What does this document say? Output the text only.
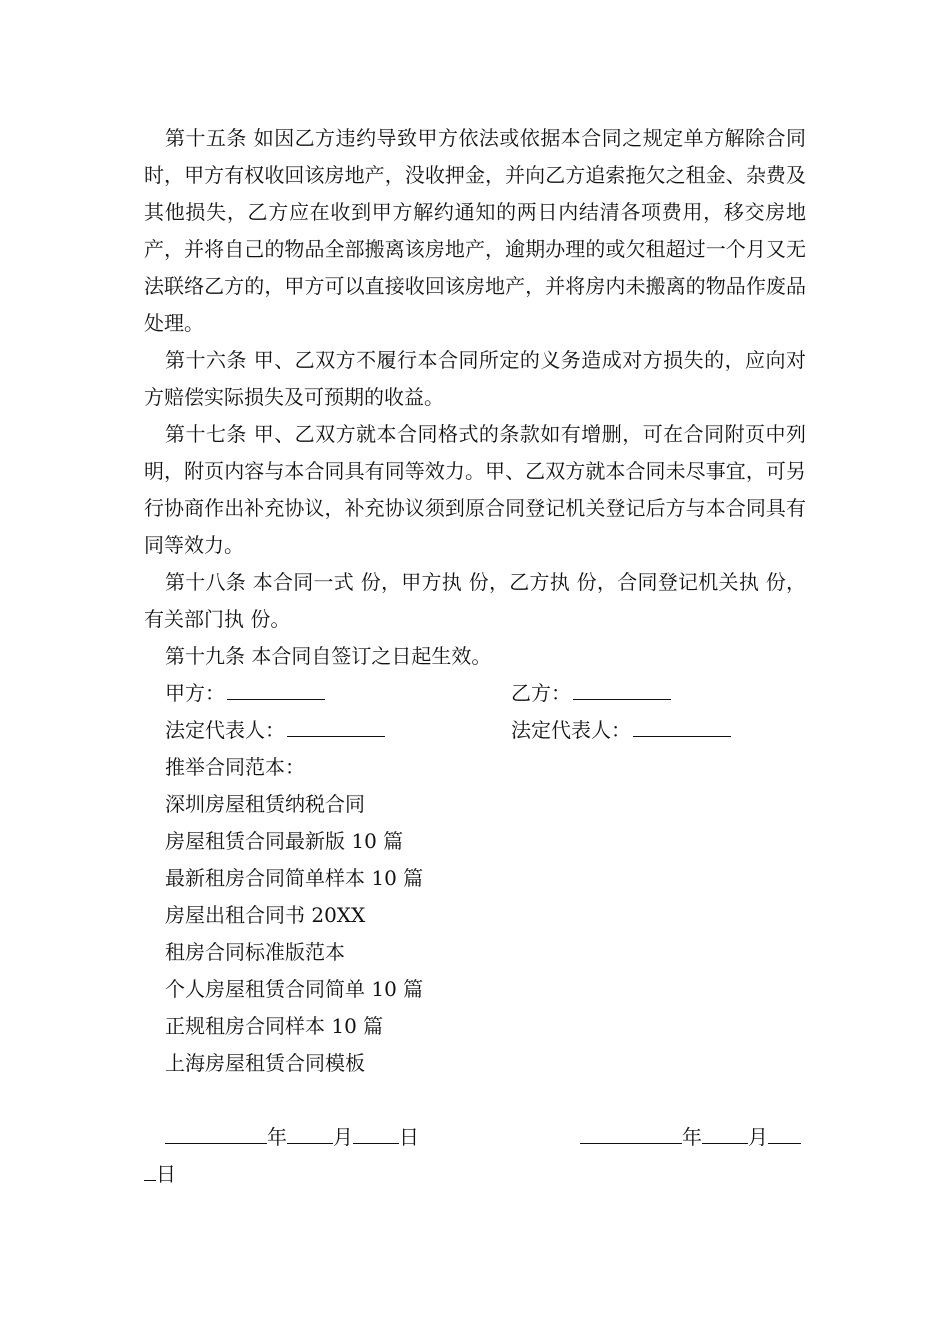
第十五条 如因乙方违约导致甲方依法或依据本合同之规定单方解除合同时，甲方有权收回该房地产，没收押金，并向乙方追索拖欠之租金、杂费及其他损失，乙方应在收到甲方解约通知的两日内结清各项费用，移交房地产，并将自己的物品全部搬离该房地产，逾期办理的或欠租超过一个月又无法联络乙方的，甲方可以直接收回该房地产，并将房内未搬离的物品作废品处理。

第十六条 甲、乙双方不履行本合同所定的义务造成对方损失的，应向对方赔偿实际损失及可预期的收益。

第十七条 甲、乙双方就本合同格式的条款如有增删，可在合同附页中列明，附页内容与本合同具有同等效力。甲、乙双方就本合同未尽事宜，可另行协商作出补充协议，补充协议须到原合同登记机关登记后方与本合同具有同等效力。

第十八条 本合同一式 份，甲方执 份，乙方执 份，合同登记机关执 份，有关部门执 份。

第十九条 本合同自签订之日起生效。

甲方：	乙方：
法定代表人：	法定代表人：

推举合同范本：

深圳房屋租赁纳税合同

房屋租赁合同最新版 10 篇

最新租房合同简单样本 10 篇

房屋出租合同书 20XX

租房合同标准版范本

个人房屋租赁合同简单 10 篇

正规租房合同样本 10 篇

上海房屋租赁合同模板

年 月 日	年 月
日
